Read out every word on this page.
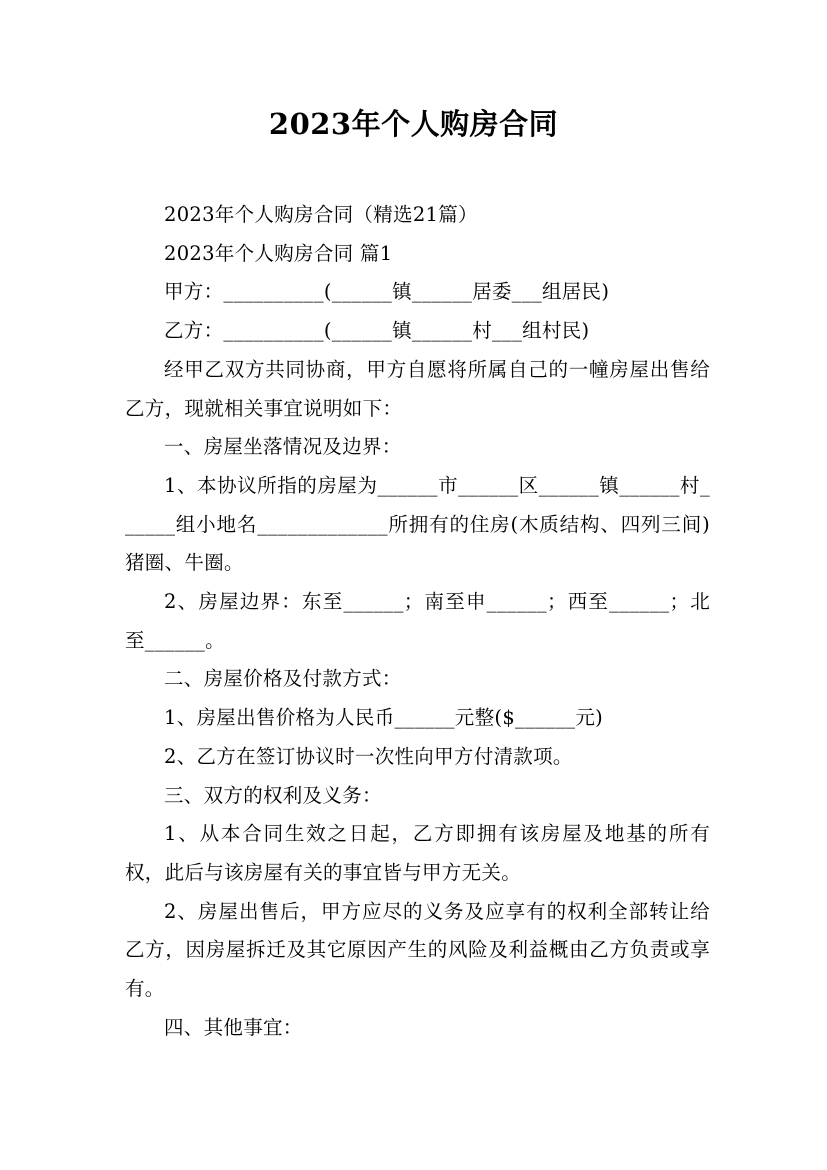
2023年个人购房合同

2023年个人购房合同（精选21篇）

2023年个人购房合同 篇1

甲方：__________(______镇______居委___组居民)

乙方：__________(______镇______村___组村民)

经甲乙双方共同协商，甲方自愿将所属自己的一幢房屋出售给乙方，现就相关事宜说明如下：

一、房屋坐落情况及边界：

1、本协议所指的房屋为______市______区______镇______村______组小地名_____________所拥有的住房(木质结构、四列三间)猪圈、牛圈。

2、房屋边界：东至______；南至申______；西至______；北至______。

二、房屋价格及付款方式：

1、房屋出售价格为人民币______元整($______元)

2、乙方在签订协议时一次性向甲方付清款项。

三、双方的权利及义务：

1、从本合同生效之日起，乙方即拥有该房屋及地基的所有权，此后与该房屋有关的事宜皆与甲方无关。

2、房屋出售后，甲方应尽的义务及应享有的权利全部转让给乙方，因房屋拆迁及其它原因产生的风险及利益概由乙方负责或享有。

四、其他事宜：
